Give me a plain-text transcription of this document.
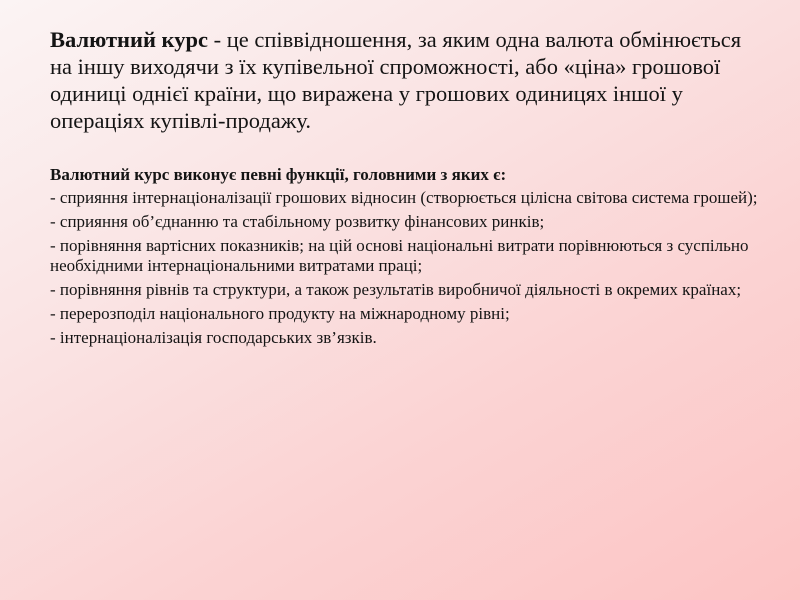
Валютний курс - це співвідношення, за яким одна валюта обмінюється на іншу виходячи з їх купівельної спроможності, або «ціна» грошової одиниці однієї країни, що виражена у грошових одиницях іншої у операціях купівлі-продажу.

Валютний курс виконує певні функції, головними з яких є:

- сприяння інтернаціоналізації грошових відносин (створюється цілісна світова система грошей);

- сприяння об’єднанню та стабільному розвитку фінансових ринків;

- порівняння вартісних показників; на цій основі національні витрати порівнюються з суспільно необхідними інтернаціональними витратами праці;

- порівняння рівнів та структури, а також результатів виробничої діяльності в окремих країнах;

- перерозподіл національного продукту на міжнародному рівні;

- інтернаціоналізація господарських зв’язків.
